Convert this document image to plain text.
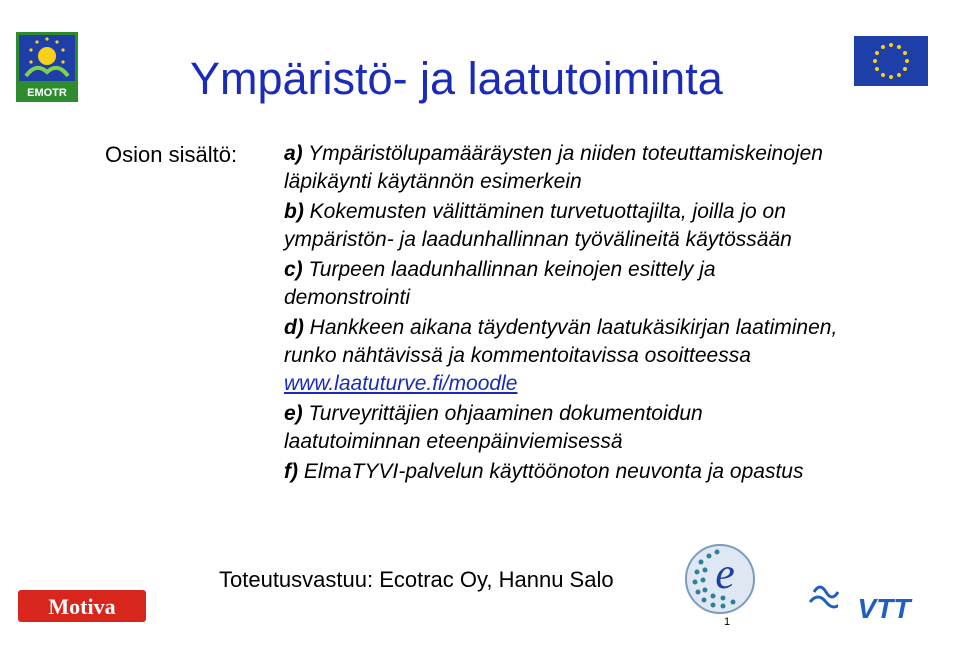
EMOTR	Ympäristö- ja laatutoiminta
Osion sisältö: a) Ympäristölupamääräysten ja niiden toteuttamiskeinojen läpikäynti käytännön esimerkein
b) Kokemusten välittäminen turvetuottajilta, joilla jo on ympäristön- ja laadunhallinnan työvälineitä käytössään
c) Turpeen laadunhallinnan keinojen esittely ja demonstrointi
d) Hankkeen aikana täydentyvän laatukäsikirjan laatiminen, runko nähtävissä ja kommentoitavissa osoitteessa www.laatuturve.fi/moodle
e) Turveyrittäjien ohjaaminen dokumentoidun laatutoiminnan eteenpäinviemisessä
f) ElmaTYVI-palvelun käyttöönoton neuvonta ja opastus
Toteutusvastuu: Ecotrac Oy, Hannu Salo
Motiva
e
1	VTT
